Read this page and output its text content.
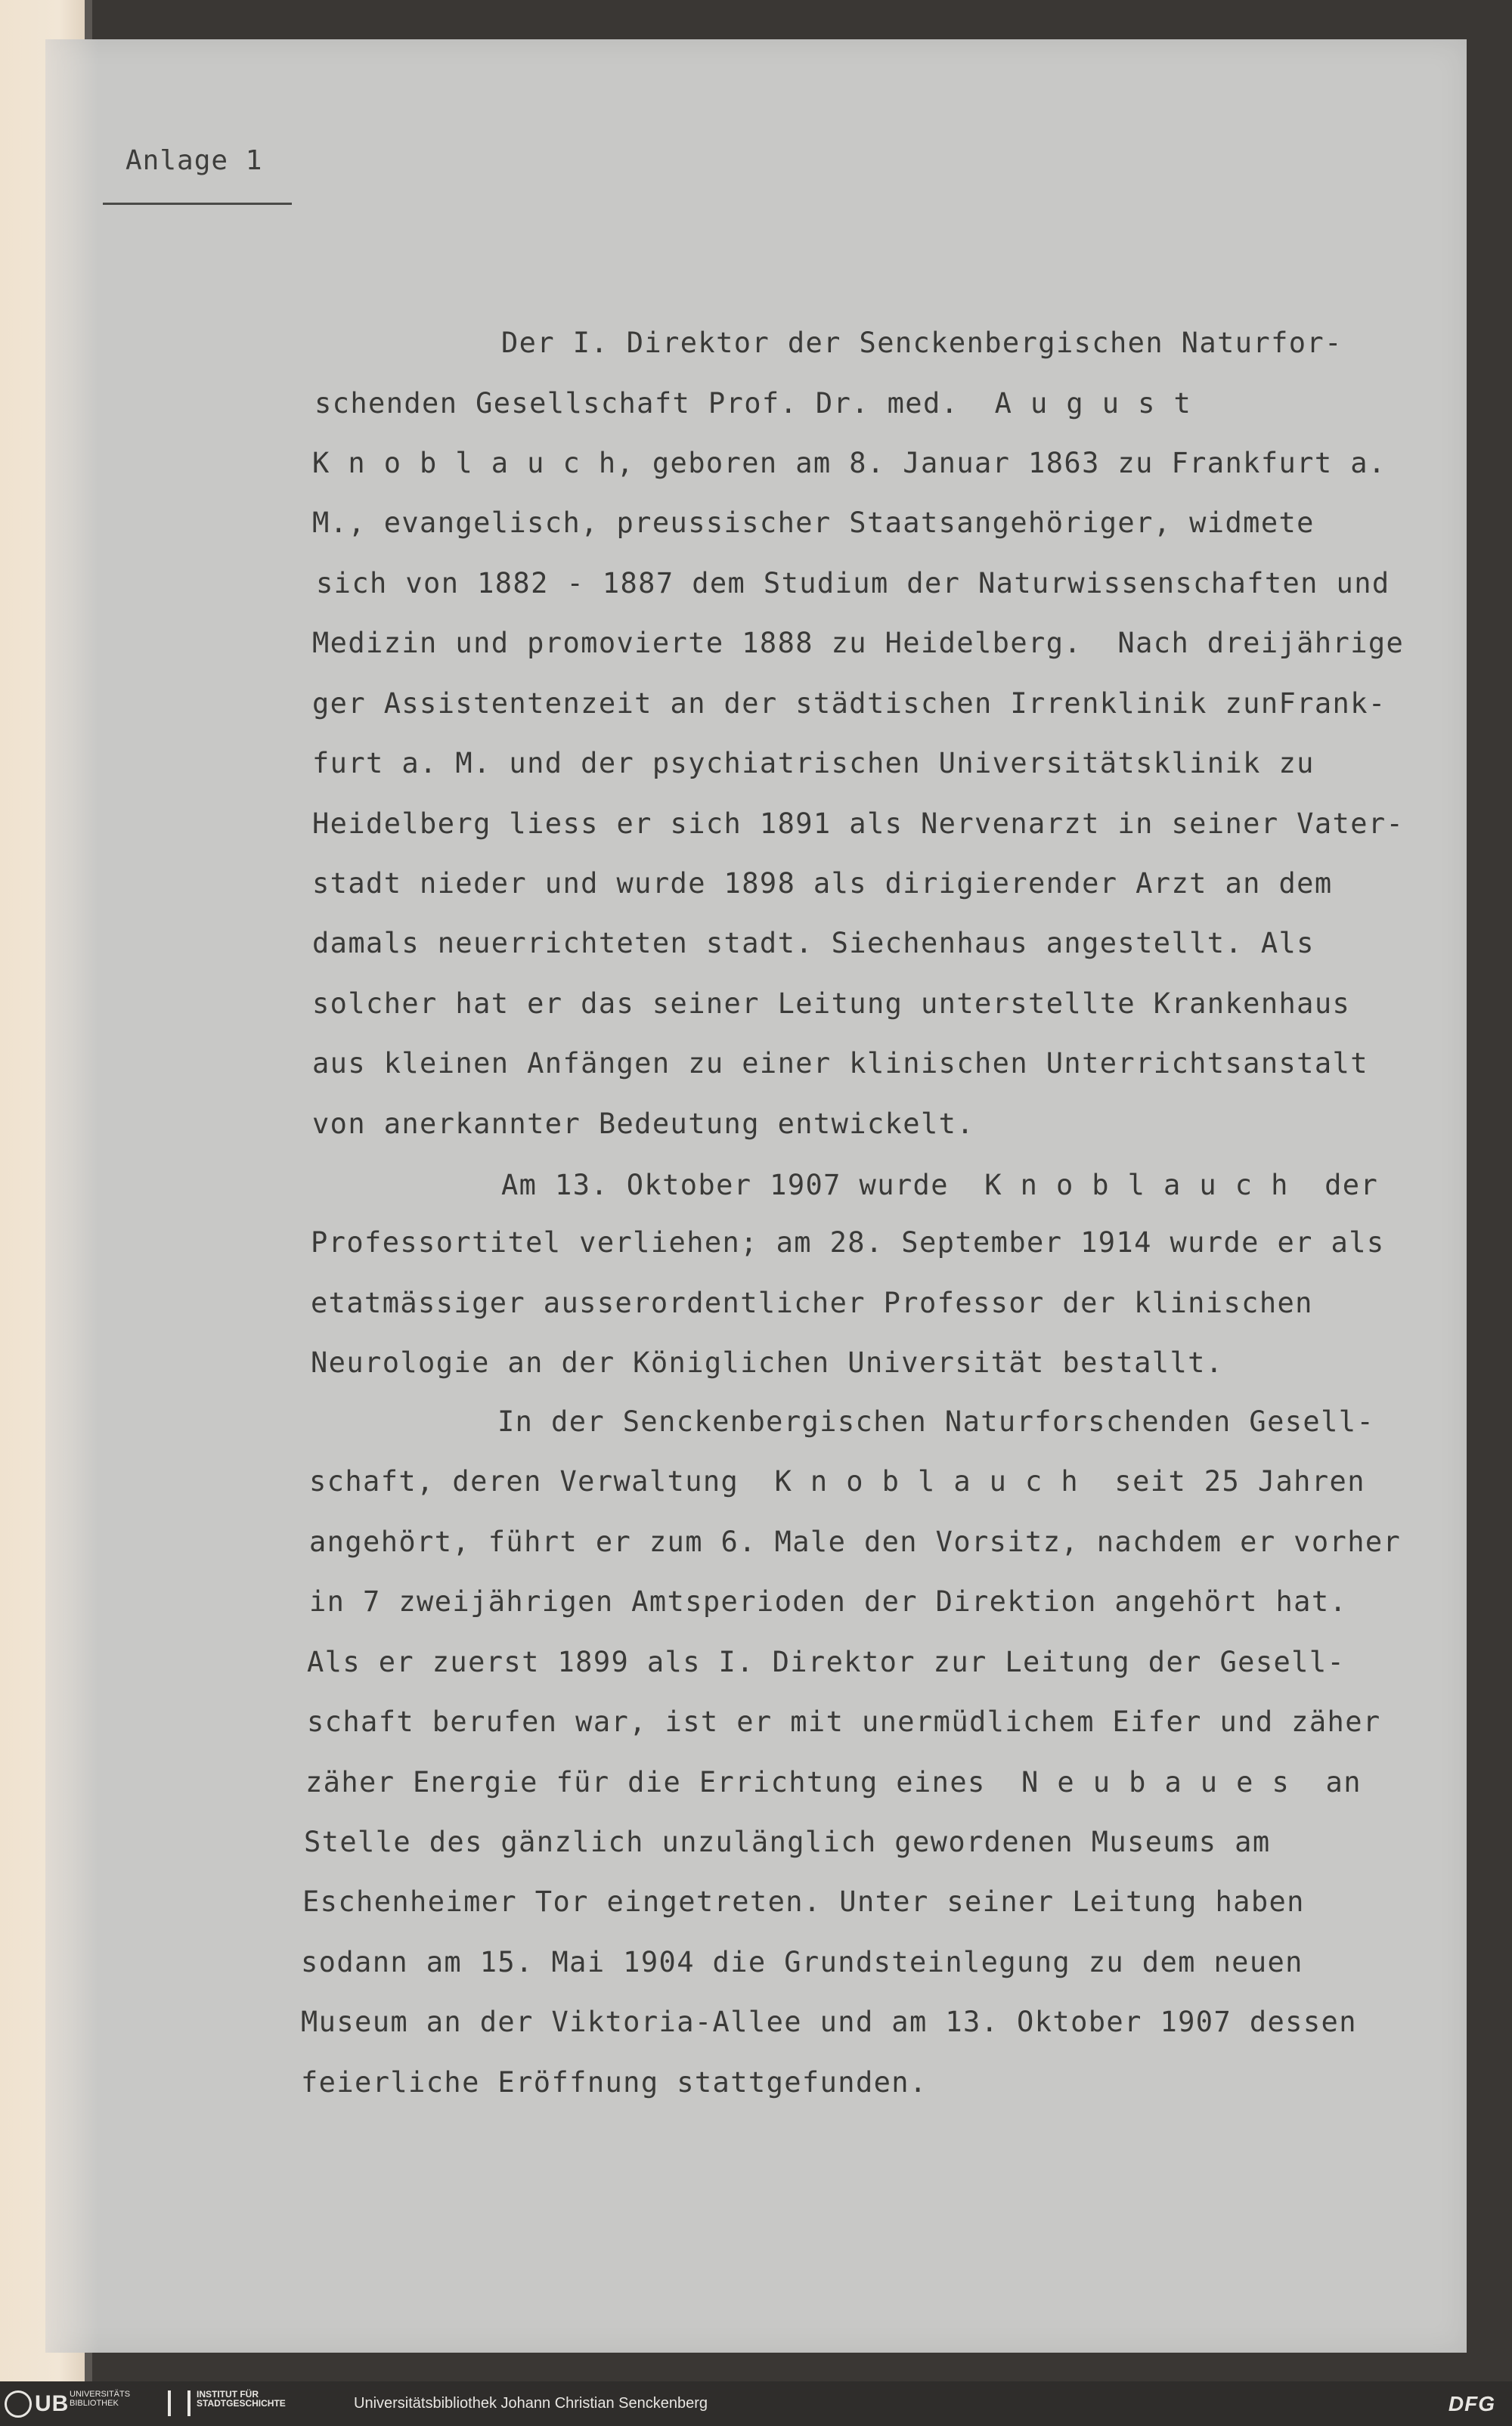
Anlage 1
Der I. Direktor der Senckenbergischen Naturfor-
schenden Gesellschaft Prof. Dr. med.  A u g u s t
K n o b l a u c h, geboren am 8. Januar 1863 zu Frankfurt a.
M., evangelisch, preussischer Staatsangehöriger, widmete
sich von 1882 - 1887 dem Studium der Naturwissenschaften und
Medizin und promovierte 1888 zu Heidelberg.  Nach dreijährige
ger Assistentenzeit an der städtischen Irrenklinik zunFrank-
furt a. M. und der psychiatrischen Universitätsklinik zu
Heidelberg liess er sich 1891 als Nervenarzt in seiner Vater-
stadt nieder und wurde 1898 als dirigierender Arzt an dem
damals neuerrichteten stadt. Siechenhaus angestellt. Als
solcher hat er das seiner Leitung unterstellte Krankenhaus
aus kleinen Anfängen zu einer klinischen Unterrichtsanstalt
von anerkannter Bedeutung entwickelt.
Am 13. Oktober 1907 wurde  K n o b l a u c h  der
Professortitel verliehen; am 28. September 1914 wurde er als
etatmässiger ausserordentlicher Professor der klinischen
Neurologie an der Königlichen Universität bestallt.
In der Senckenbergischen Naturforschenden Gesell-
schaft, deren Verwaltung  K n o b l a u c h  seit 25 Jahren
angehört, führt er zum 6. Male den Vorsitz, nachdem er vorher
in 7 zweijährigen Amtsperioden der Direktion angehört hat.
Als er zuerst 1899 als I. Direktor zur Leitung der Gesell-
schaft berufen war, ist er mit unermüdlichem Eifer und zäher
zäher Energie für die Errichtung eines  N e u b a u e s  an
Stelle des gänzlich unzulänglich gewordenen Museums am
Eschenheimer Tor eingetreten. Unter seiner Leitung haben
sodann am 15. Mai 1904 die Grundsteinlegung zu dem neuen
Museum an der Viktoria-Allee und am 13. Oktober 1907 dessen
feierliche Eröffnung stattgefunden.
UB UNIVERSITÄTS BIBLIOTHEK
INSTITUT FÜR STADTGESCHICHTE	Universitätsbibliothek Johann Christian Senckenberg	DFG
